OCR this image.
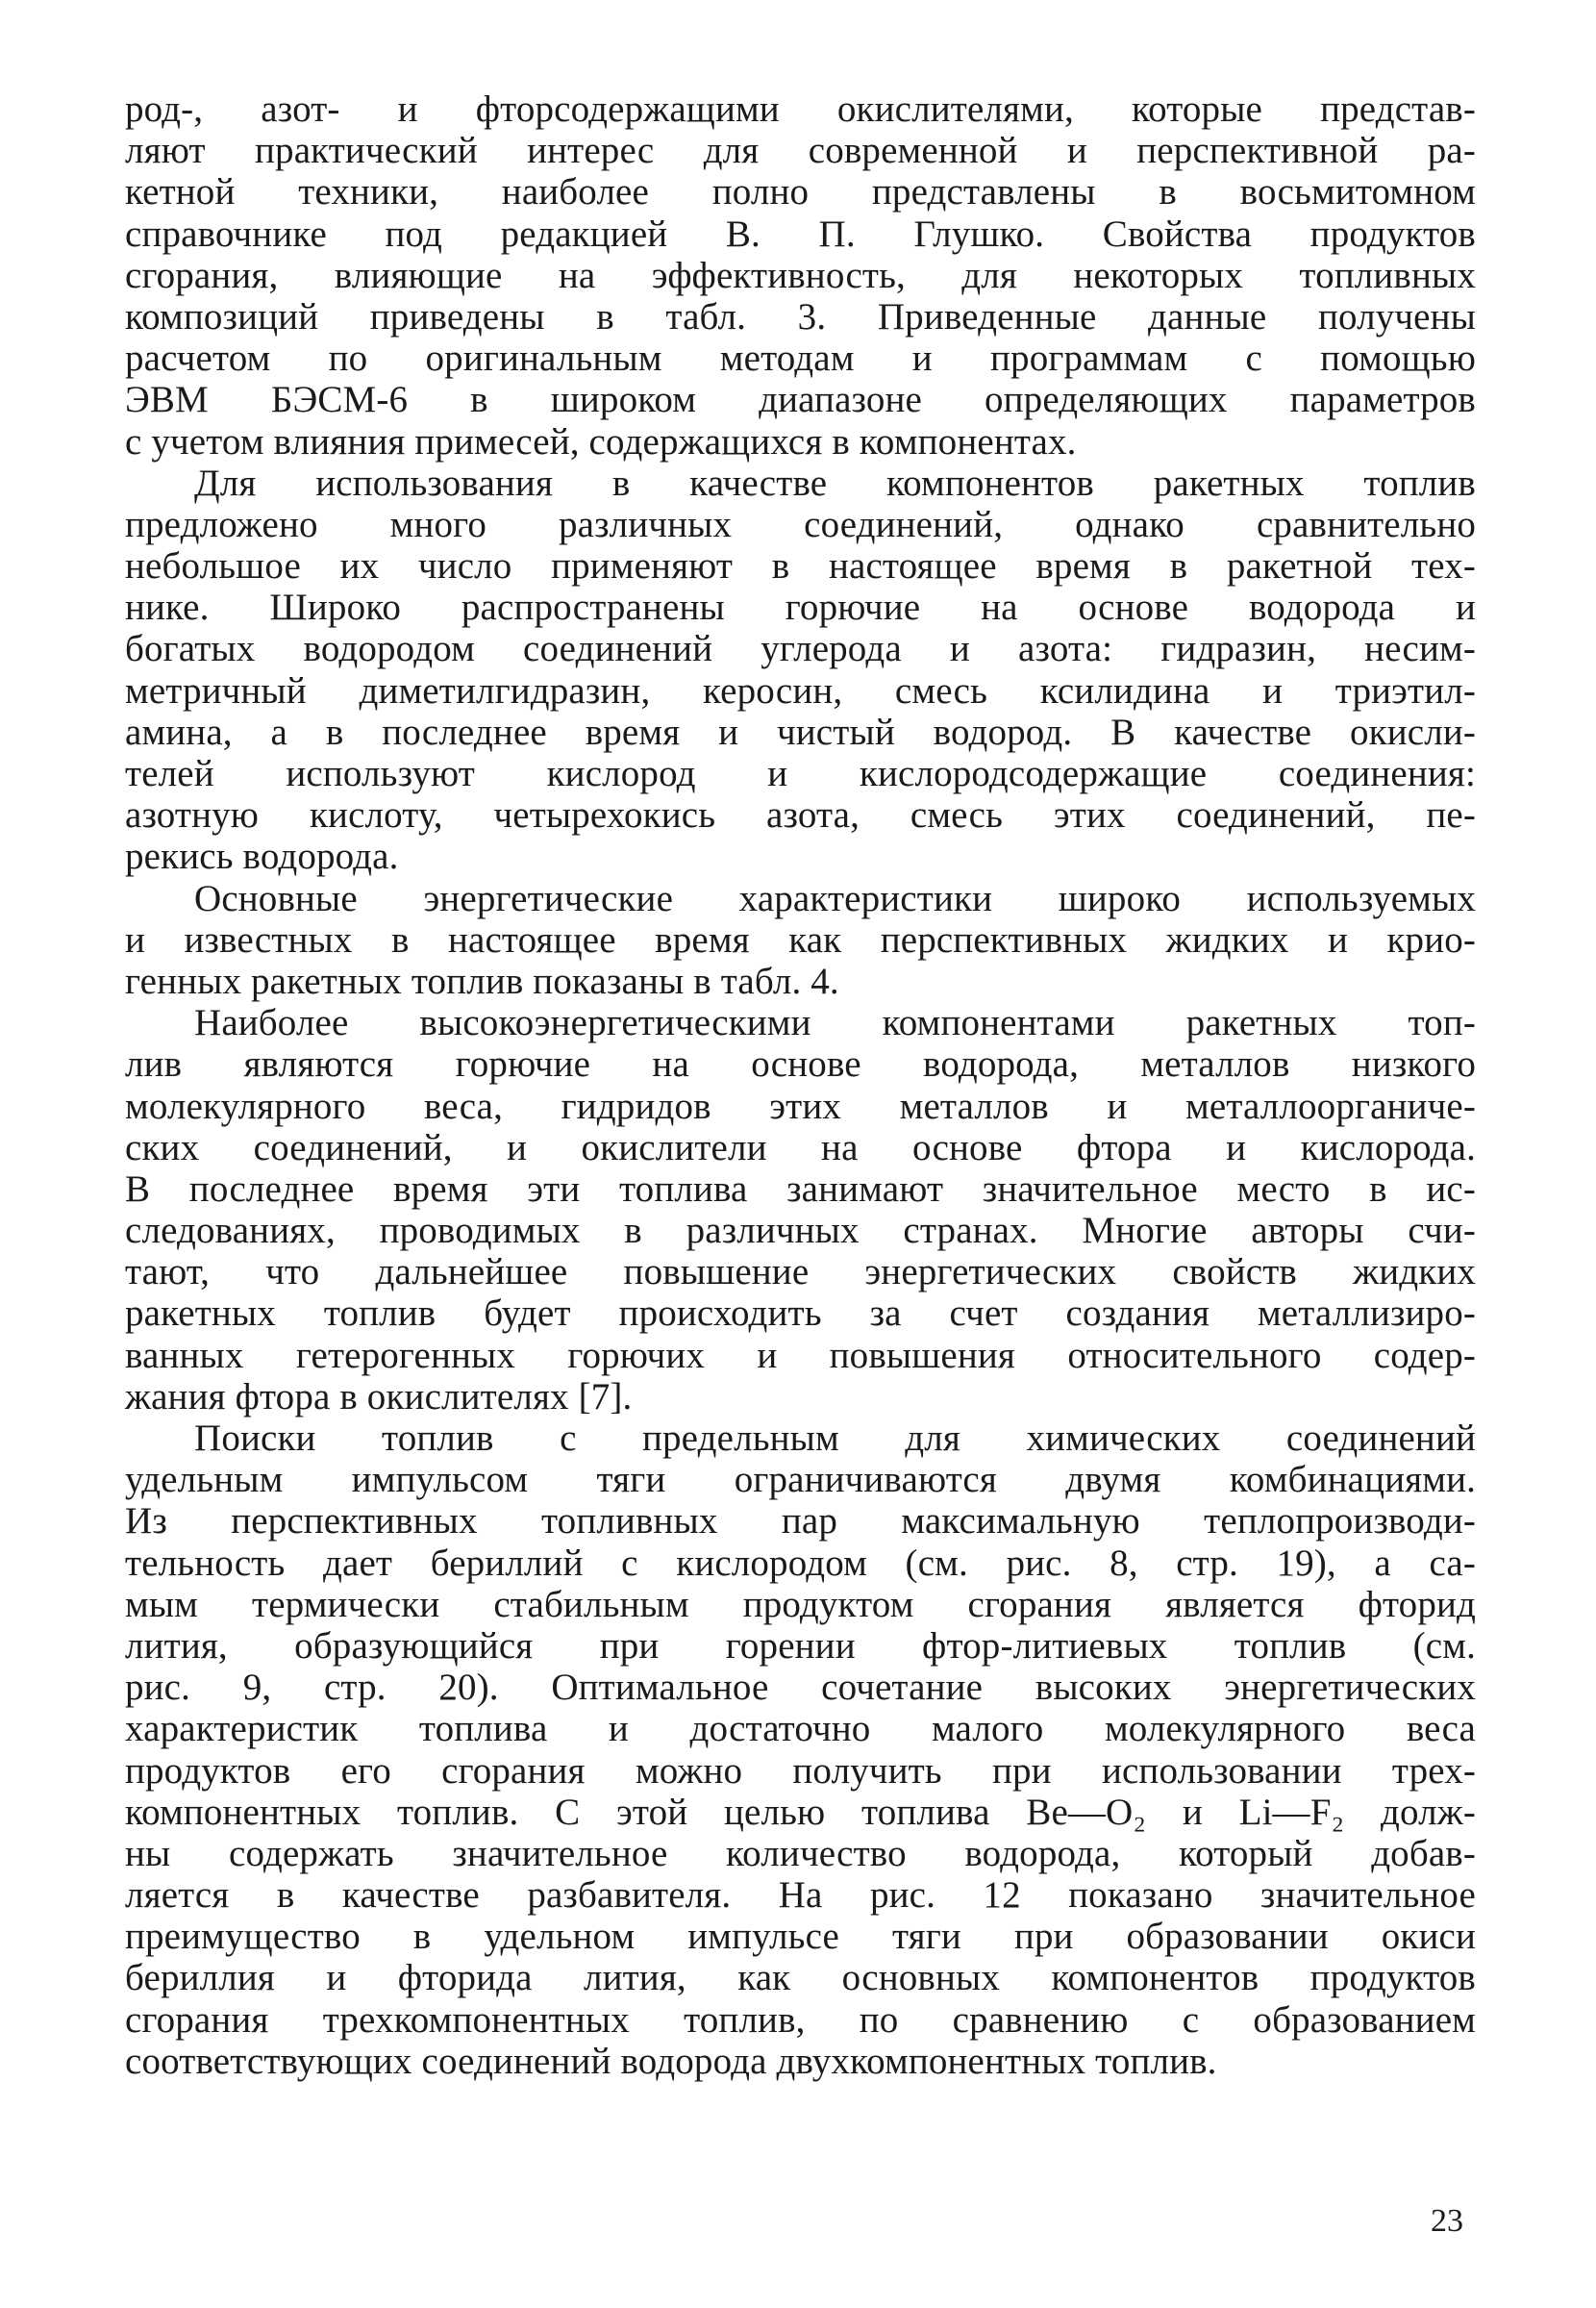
род-, азот- и фторсодержащими окислителями, которые представ-
ляют практический интерес для современной и перспективной ра-
кетной техники, наиболее полно представлены в восьмитомном
справочнике под редакцией В. П. Глушко. Свойства продуктов
сгорания, влияющие на эффективность, для некоторых топливных
композиций приведены в табл. 3. Приведенные данные получены
расчетом по оригинальным методам и программам с помощью
ЭВМ БЭСМ-6 в широком диапазоне определяющих параметров
с учетом влияния примесей, содержащихся в компонентах.
Для использования в качестве компонентов ракетных топлив
предложено много различных соединений, однако сравнительно
небольшое их число применяют в настоящее время в ракетной тех-
нике. Широко распространены горючие на основе водорода и
богатых водородом соединений углерода и азота: гидразин, несим-
метричный диметилгидразин, керосин, смесь ксилидина и триэтил-
амина, а в последнее время и чистый водород. В качестве окисли-
телей используют кислород и кислородсодержащие соединения:
азотную кислоту, четырехокись азота, смесь этих соединений, пе-
рекись водорода.
Основные энергетические характеристики широко используемых
и известных в настоящее время как перспективных жидких и крио-
генных ракетных топлив показаны в табл. 4.
Наиболее высокоэнергетическими компонентами ракетных топ-
лив являются горючие на основе водорода, металлов низкого
молекулярного веса, гидридов этих металлов и металлоорганиче-
ских соединений, и окислители на основе фтора и кислорода.
В последнее время эти топлива занимают значительное место в ис-
следованиях, проводимых в различных странах. Многие авторы счи-
тают, что дальнейшее повышение энергетических свойств жидких
ракетных топлив будет происходить за счет создания металлизиро-
ванных гетерогенных горючих и повышения относительного содер-
жания фтора в окислителях [7].
Поиски топлив с предельным для химических соединений
удельным импульсом тяги ограничиваются двумя комбинациями.
Из перспективных топливных пар максимальную теплопроизводи-
тельность дает бериллий с кислородом (см. рис. 8, стр. 19), а са-
мым термически стабильным продуктом сгорания является фторид
лития, образующийся при горении фтор-литиевых топлив (см.
рис. 9, стр. 20). Оптимальное сочетание высоких энергетических
характеристик топлива и достаточно малого молекулярного веса
продуктов его сгорания можно получить при использовании трех-
компонентных топлив. С этой целью топлива Be—O₂ и Li—F₂ долж-
ны содержать значительное количество водорода, который добав-
ляется в качестве разбавителя. На рис. 12 показано значительное
преимущество в удельном импульсе тяги при образовании окиси
бериллия и фторида лития, как основных компонентов продуктов
сгорания трехкомпонентных топлив, по сравнению с образованием
соответствующих соединений водорода двухкомпонентных топлив.
23
